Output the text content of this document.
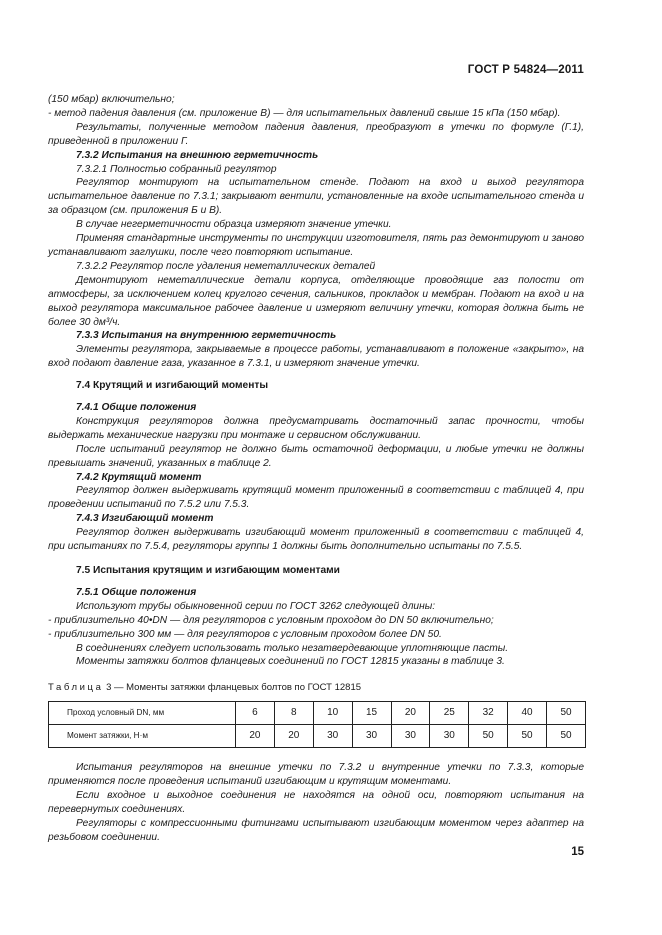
ГОСТ Р 54824—2011

(150 мбар) включительно;

- метод падения давления (см. приложение В) — для испытательных давлений свыше 15 кПа (150 мбар).

Результаты, полученные методом падения давления, преобразуют в утечки по формуле (Г.1), приведенной в приложении Г.

7.3.2 Испытания на внешнюю герметичность

7.3.2.1 Полностью собранный регулятор

Регулятор монтируют на испытательном стенде. Подают на вход и выход регулятора испытательное давление по 7.3.1; закрывают вентили, установленные на входе испытательного стенда и за образцом (см. приложения Б и В).

В случае негерметичности образца измеряют значение утечки.

Применяя стандартные инструменты по инструкции изготовителя, пять раз демонтируют и заново устанавливают заглушки, после чего повторяют испытание.

7.3.2.2 Регулятор после удаления неметаллических деталей

Демонтируют неметаллические детали корпуса, отделяющие проводящие газ полости от атмосферы, за исключением колец круглого сечения, сальников, прокладок и мембран. Подают на вход и на выход регулятора максимальное рабочее давление и измеряют величину утечки, которая должна быть не более 30 дм³/ч.

7.3.3 Испытания на внутреннюю герметичность

Элементы регулятора, закрываемые в процессе работы, устанавливают в положение «закрыто», на вход подают давление газа, указанное в 7.3.1, и измеряют значение утечки.

7.4 Крутящий и изгибающий моменты

7.4.1 Общие положения

Конструкция регуляторов должна предусматривать достаточный запас прочности, чтобы выдержать механические нагрузки при монтаже и сервисном обслуживании.

После испытаний регулятор не должно быть остаточной деформации, и любые утечки не должны превышать значений, указанных в таблице 2.

7.4.2 Крутящий момент

Регулятор должен выдерживать крутящий момент приложенный в соответствии с таблицей 4, при проведении испытаний по 7.5.2 или 7.5.3.

7.4.3 Изгибающий момент

Регулятор должен выдерживать изгибающий момент приложенный в соответствии с таблицей 4, при испытаниях по 7.5.4, регуляторы группы 1 должны быть дополнительно испытаны по 7.5.5.

7.5 Испытания крутящим и изгибающим моментами

7.5.1 Общие положения

Используют трубы обыкновенной серии по ГОСТ 3262 следующей длины:

- приблизительно 40•DN — для регуляторов с условным проходом до DN 50 включительно;

- приблизительно 300 мм — для регуляторов с условным проходом более DN 50.

В соединениях следует использовать только незатвердевающие уплотняющие пасты.

Моменты затяжки болтов фланцевых соединений по ГОСТ 12815 указаны в таблице 3.

Таблица 3 — Моменты затяжки фланцевых болтов по ГОСТ 12815

Проход условный DN, мм	6	8	10	15	20	25	32	40	50
Момент затяжки, Н·м	20	20	30	30	30	30	50	50	50

Испытания регуляторов на внешние утечки по 7.3.2 и внутренние утечки по 7.3.3, которые применяются после проведения испытаний изгибающим и крутящим моментами.

Если входное и выходное соединения не находятся на одной оси, повторяют испытания на перевернутых соединениях.

Регуляторы с компрессионными фитингами испытывают изгибающим моментом через адаптер на резьбовом соединении.

15
